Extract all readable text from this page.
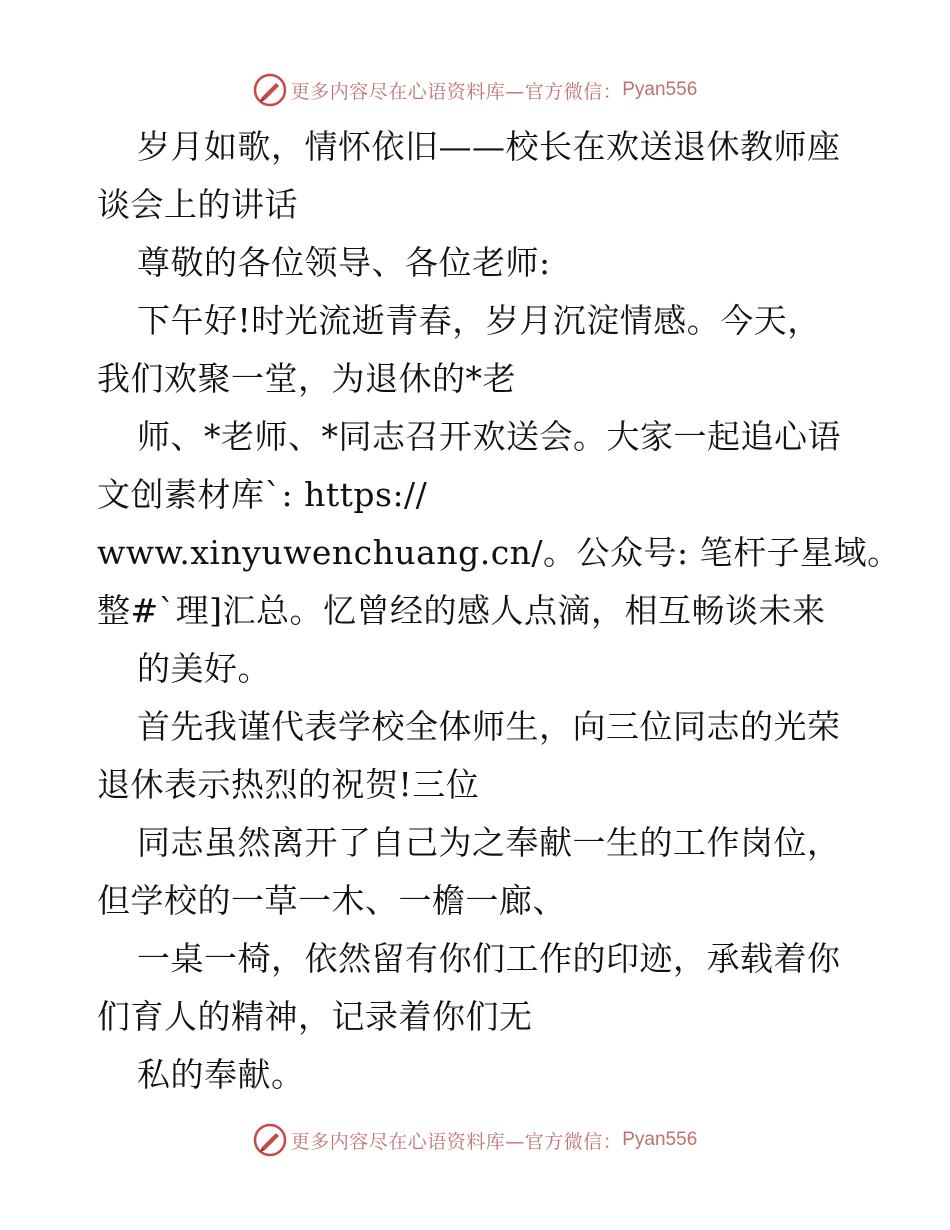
更多内容尽在心语资料库—官方微信： Pyan556
岁月如歌，情怀依旧——校长在欢送退休教师座
谈会上的讲话
尊敬的各位领导、各位老师:
下午好!时光流逝青春，岁月沉淀情感。今天，
我们欢聚一堂，为退休的*老
师、*老师、*同志召开欢送会。大家一起追心语
文创素材库`: https://
www.xinyuwenchuang.cn/。公众号: 笔杆子星域。
整#`理]汇总。忆曾经的感人点滴，相互畅谈未来
的美好。
首先我谨代表学校全体师生，向三位同志的光荣
退休表示热烈的祝贺!三位
同志虽然离开了自己为之奉献一生的工作岗位，
但学校的一草一木、一檐一廊、
一桌一椅，依然留有你们工作的印迹，承载着你
们育人的精神，记录着你们无
私的奉献。
更多内容尽在心语资料库—官方微信： Pyan556
